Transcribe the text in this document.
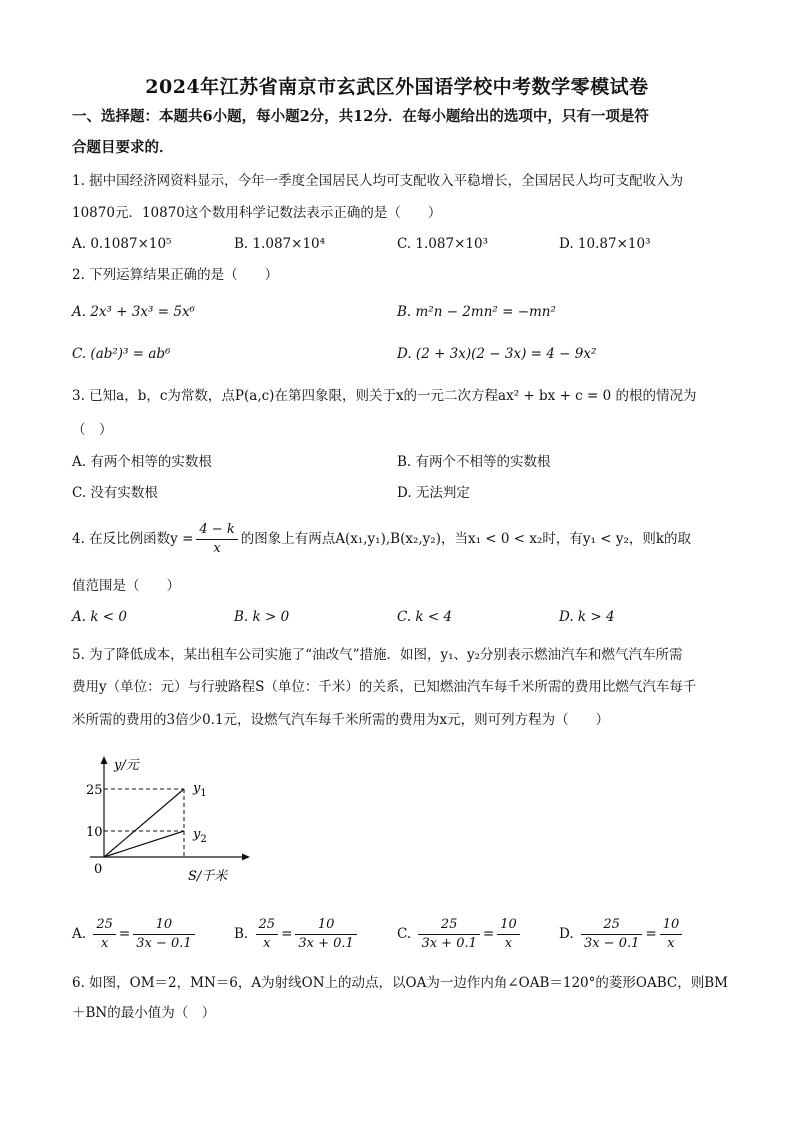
2024年江苏省南京市玄武区外国语学校中考数学零模试卷
一、选择题：本题共6小题，每小题2分，共12分．在每小题给出的选项中，只有一项是符
合题目要求的．
1. 据中国经济网资料显示，今年一季度全国居民人均可支配收入平稳增长，全国居民人均可支配收入为
10870元．10870这个数用科学记数法表示正确的是（　　）
A. 0.1087×10⁵	B. 1.087×10⁴	C. 1.087×10³	D. 10.87×10³
2. 下列运算结果正确的是（　　）
A. 2x³ + 3x³ = 5x⁶	B. m²n − 2mn² = −mn²
C. (ab²)³ = ab⁶	D. (2 + 3x)(2 − 3x) = 4 − 9x²
3. 已知a，b，c为常数，点P(a,c)在第四象限，则关于x的一元二次方程ax² + bx + c = 0 的根的情况为
（　）
A. 有两个相等的实数根	B. 有两个不相等的实数根
C. 没有实数根	D. 无法判定
4. 在反比例函数$y = \frac{4 - k}{x}$ 的图象上有两点A(x₁,y₁),B(x₂,y₂)，当x₁ < 0 < x₂时，有y₁ < y₂，则k的取
值范围是（　　）
A. k < 0	B. k > 0	C. k < 4	D. k > 4
5. 为了降低成本，某出租车公司实施了“油改气”措施．如图，y₁、y₂分别表示燃油汽车和燃气汽车所需
费用y（单位：元）与行驶路程S（单位：千米）的关系，已知燃油汽车每千米所需的费用比燃气汽车每千
米所需的费用的3倍少0.1元，设燃气汽车每千米所需的费用为x元，则可列方程为（　　）
y/元
25
10
0	S/千米
$y_1$
$y_2$
A. $\frac{25}{x} = \frac{10}{3x - 0.1}$	B. $\frac{25}{x} = \frac{10}{3x + 0.1}$	C. $\frac{25}{3x + 0.1} = \frac{10}{x}$	D. $\frac{25}{3x - 0.1} = \frac{10}{x}$
6. 如图，OM＝2，MN＝6，A为射线ON上的动点，以OA为一边作内角∠OAB＝120°的菱形OABC，则BM
＋BN的最小值为（　）
